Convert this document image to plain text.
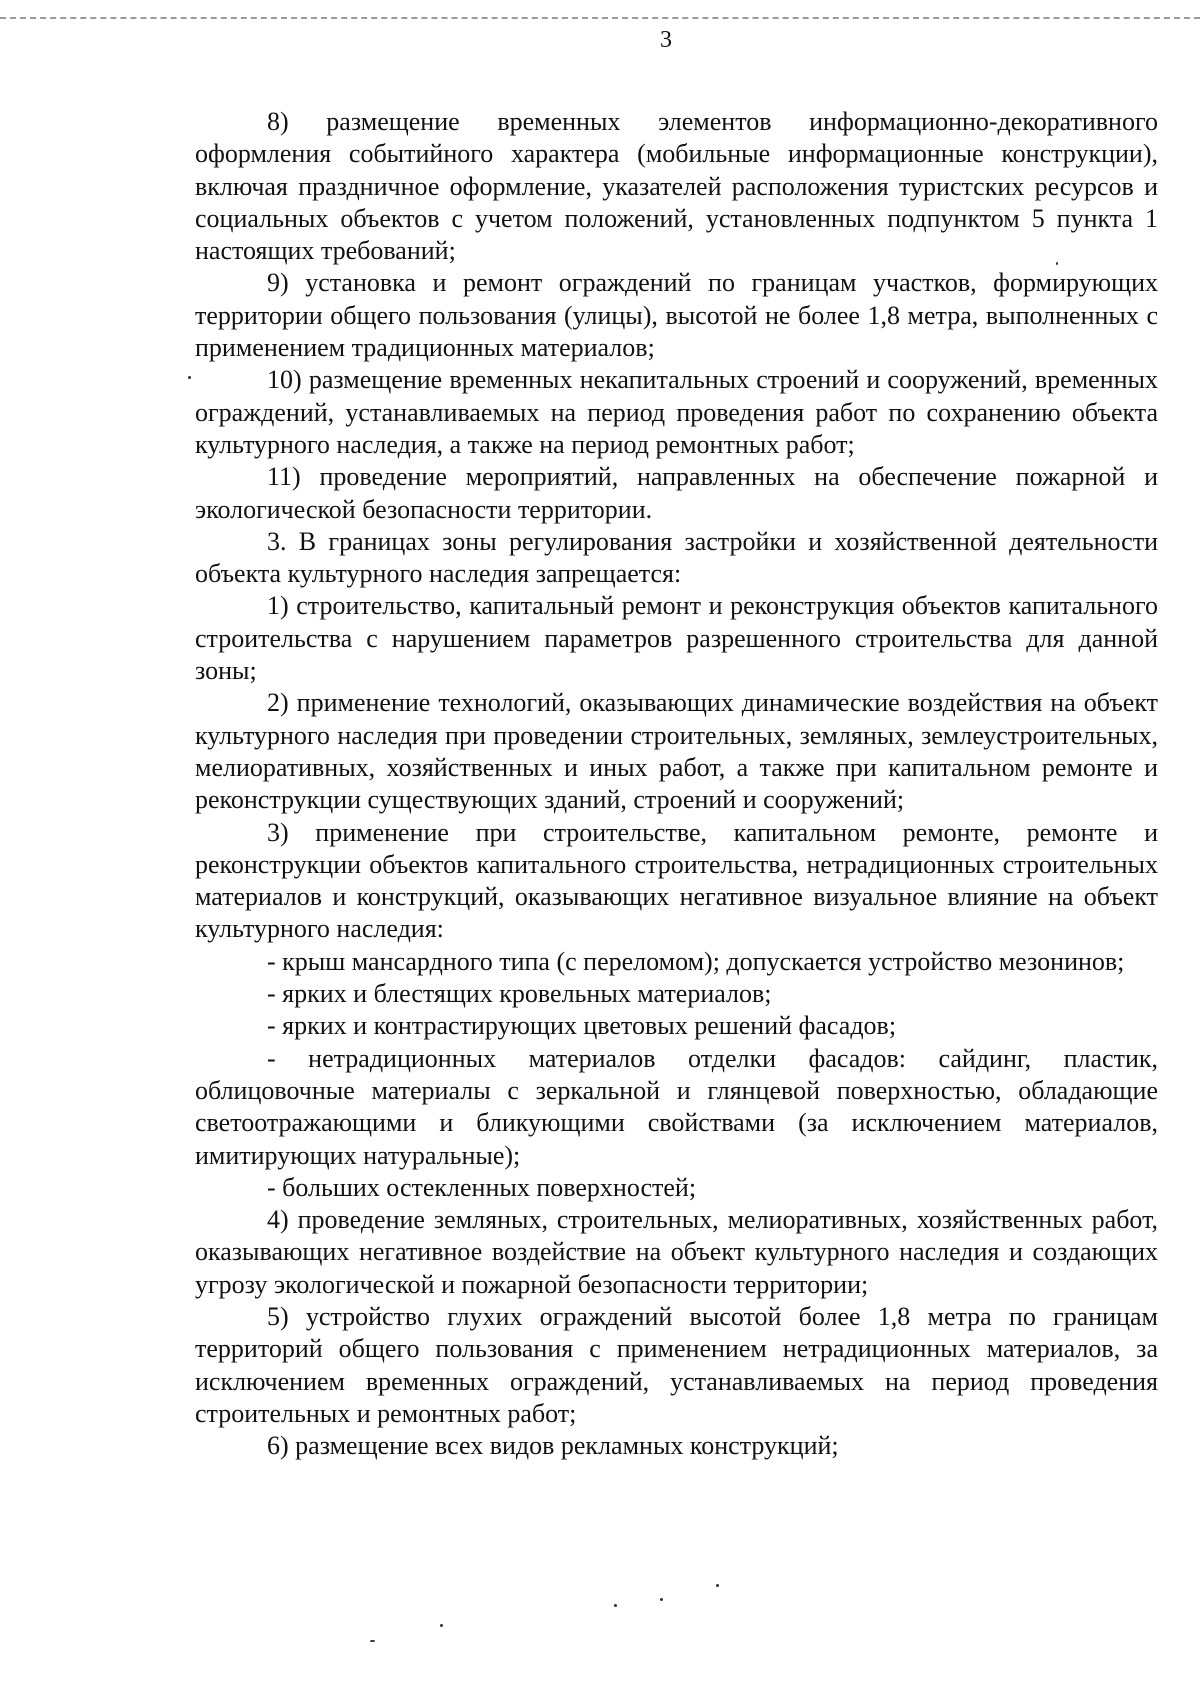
3

8) размещение временных элементов информационно-декоративного оформления событийного характера (мобильные информационные конструкции), включая праздничное оформление, указателей расположения туристских ресурсов и социальных объектов с учетом положений, установленных подпунктом 5 пункта 1 настоящих требований;

9) установка и ремонт ограждений по границам участков, формирующих территории общего пользования (улицы), высотой не более 1,8 метра, выполненных с применением традиционных материалов;

10) размещение временных некапитальных строений и сооружений, временных ограждений, устанавливаемых на период проведения работ по сохранению объекта культурного наследия, а также на период ремонтных работ;

11) проведение мероприятий, направленных на обеспечение пожарной и экологической безопасности территории.

3. В границах зоны регулирования застройки и хозяйственной деятельности объекта культурного наследия запрещается:

1) строительство, капитальный ремонт и реконструкция объектов капитального строительства с нарушением параметров разрешенного строительства для данной зоны;

2) применение технологий, оказывающих динамические воздействия на объект культурного наследия при проведении строительных, земляных, землеустроительных, мелиоративных, хозяйственных и иных работ, а также при капитальном ремонте и реконструкции существующих зданий, строений и сооружений;

3) применение при строительстве, капитальном ремонте, ремонте и реконструкции объектов капитального строительства, нетрадиционных строительных материалов и конструкций, оказывающих негативное визуальное влияние на объект культурного наследия:

- крыш мансардного типа (с переломом); допускается устройство мезонинов;

- ярких и блестящих кровельных материалов;

- ярких и контрастирующих цветовых решений фасадов;

- нетрадиционных материалов отделки фасадов: сайдинг, пластик, облицовочные материалы с зеркальной и глянцевой поверхностью, обладающие светоотражающими и бликующими свойствами (за исключением материалов, имитирующих натуральные);

- больших остекленных поверхностей;

4) проведение земляных, строительных, мелиоративных, хозяйственных работ, оказывающих негативное воздействие на объект культурного наследия и создающих угрозу экологической и пожарной безопасности территории;

5) устройство глухих ограждений высотой более 1,8 метра по границам территорий общего пользования с применением нетрадиционных материалов, за исключением временных ограждений, устанавливаемых на период проведения строительных и ремонтных работ;

6) размещение всех видов рекламных конструкций;
